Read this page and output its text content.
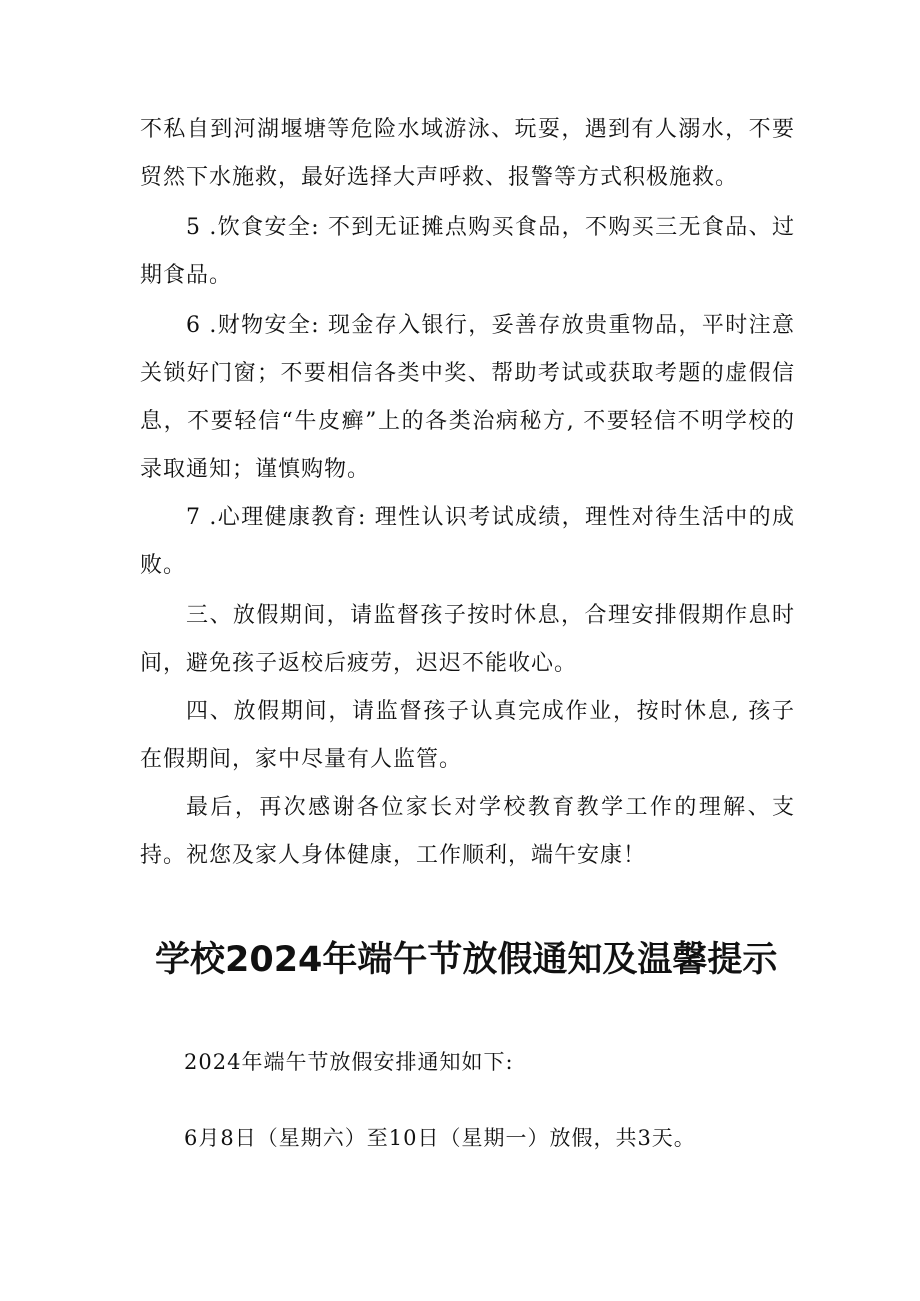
不私自到河湖堰塘等危险水域游泳、玩耍，遇到有人溺水，不要贸然下水施救，最好选择大声呼救、报警等方式积极施救。

5 .饮食安全: 不到无证摊点购买食品，不购买三无食品、过期食品。

6 .财物安全: 现金存入银行，妥善存放贵重物品，平时注意关锁好门窗；不要相信各类中奖、帮助考试或获取考题的虚假信息，不要轻信“牛皮癣”上的各类治病秘方, 不要轻信不明学校的录取通知；谨慎购物。

7 .心理健康教育: 理性认识考试成绩，理性对待生活中的成败。

三、放假期间，请监督孩子按时休息，合理安排假期作息时间，避免孩子返校后疲劳，迟迟不能收心。

四、放假期间，请监督孩子认真完成作业，按时休息, 孩子在假期间，家中尽量有人监管。

最后，再次感谢各位家长对学校教育教学工作的理解、支持。祝您及家人身体健康，工作顺利，端午安康！

学校2024年端午节放假通知及温馨提示

2024年端午节放假安排通知如下:

6月8日（星期六）至10日（星期一）放假，共3天。
